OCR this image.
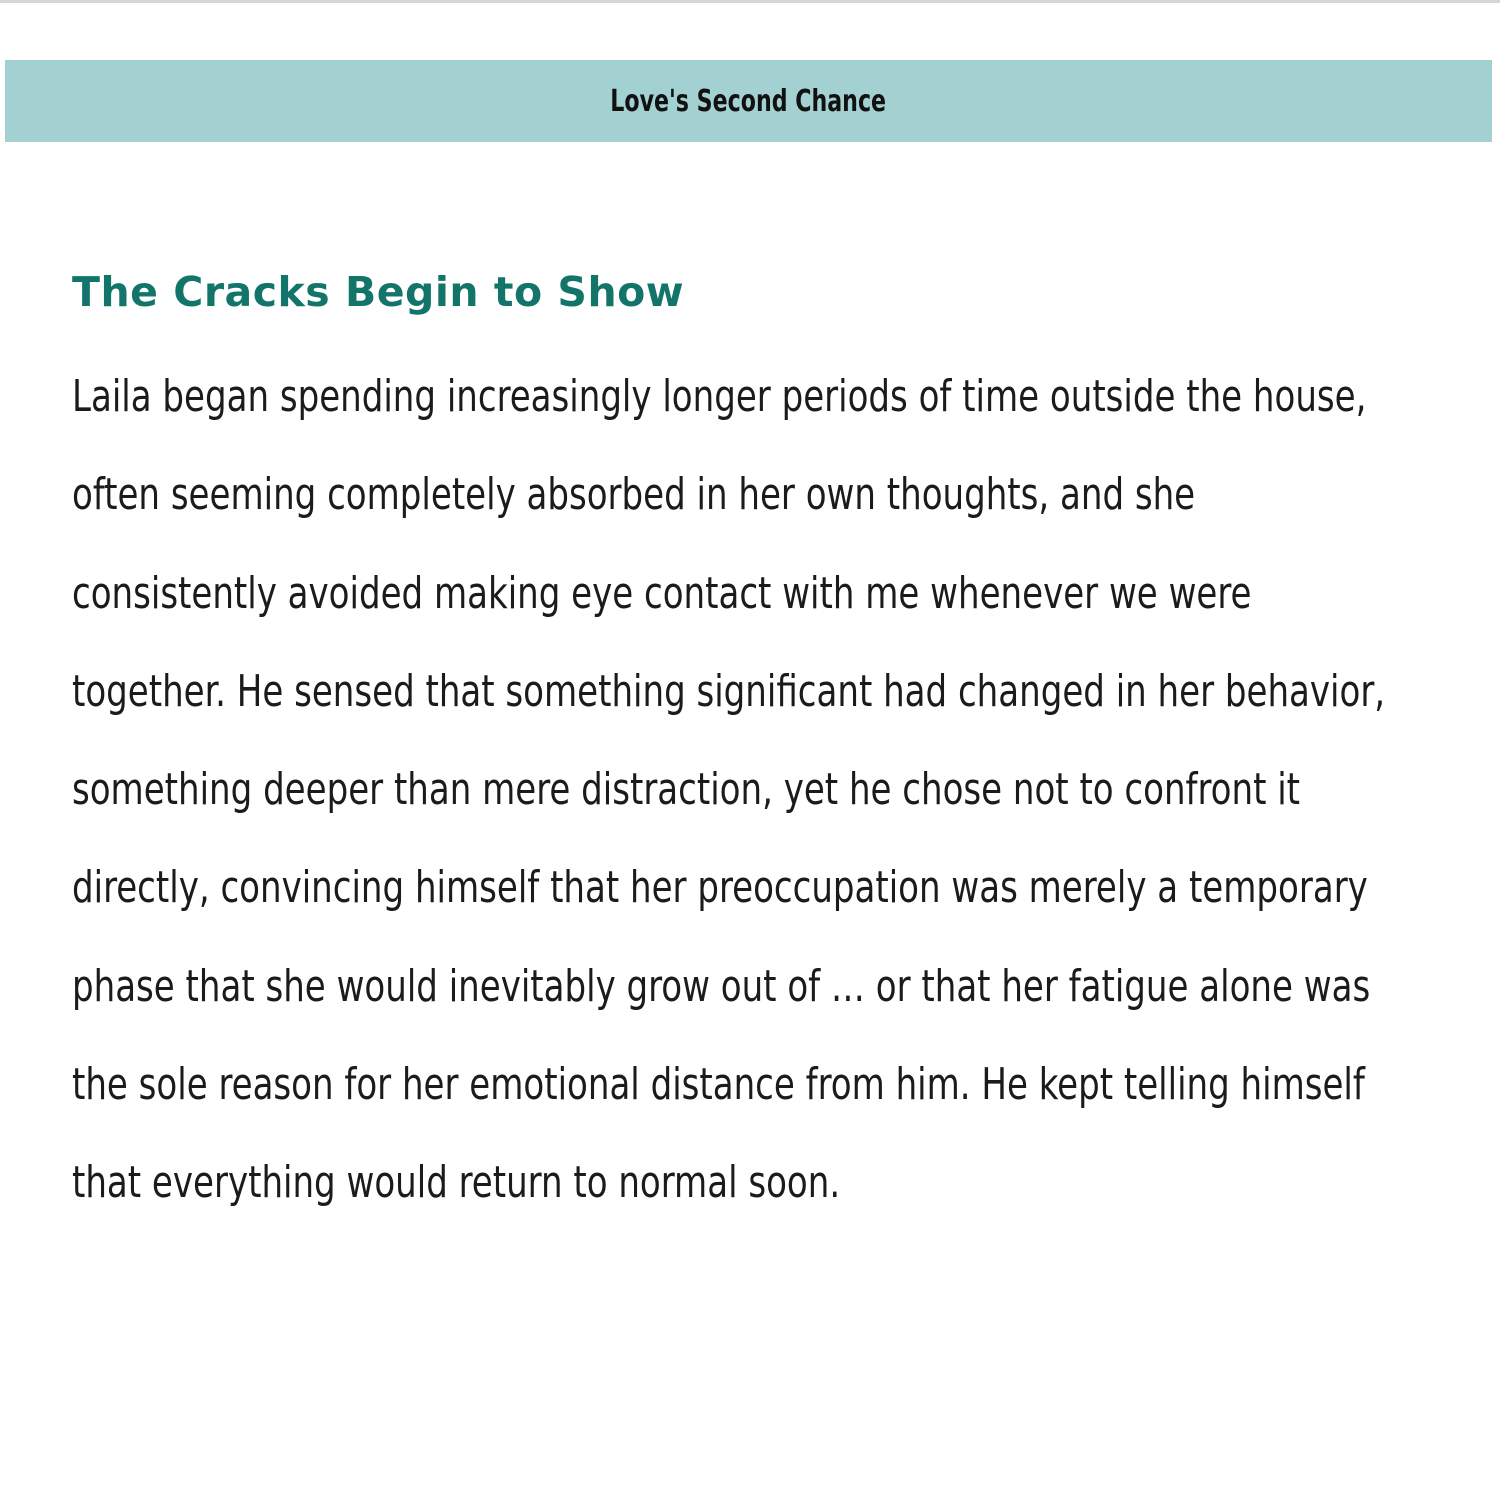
Love's Second Chance
The Cracks Begin to Show
Laila began spending increasingly longer periods of time outside the house,
often seeming completely absorbed in her own thoughts, and she
consistently avoided making eye contact with me whenever we were
together. He sensed that something significant had changed in her behavior,
something deeper than mere distraction, yet he chose not to confront it
directly, convincing himself that her preoccupation was merely a temporary
phase that she would inevitably grow out of … or that her fatigue alone was
the sole reason for her emotional distance from him. He kept telling himself
that everything would return to normal soon.
